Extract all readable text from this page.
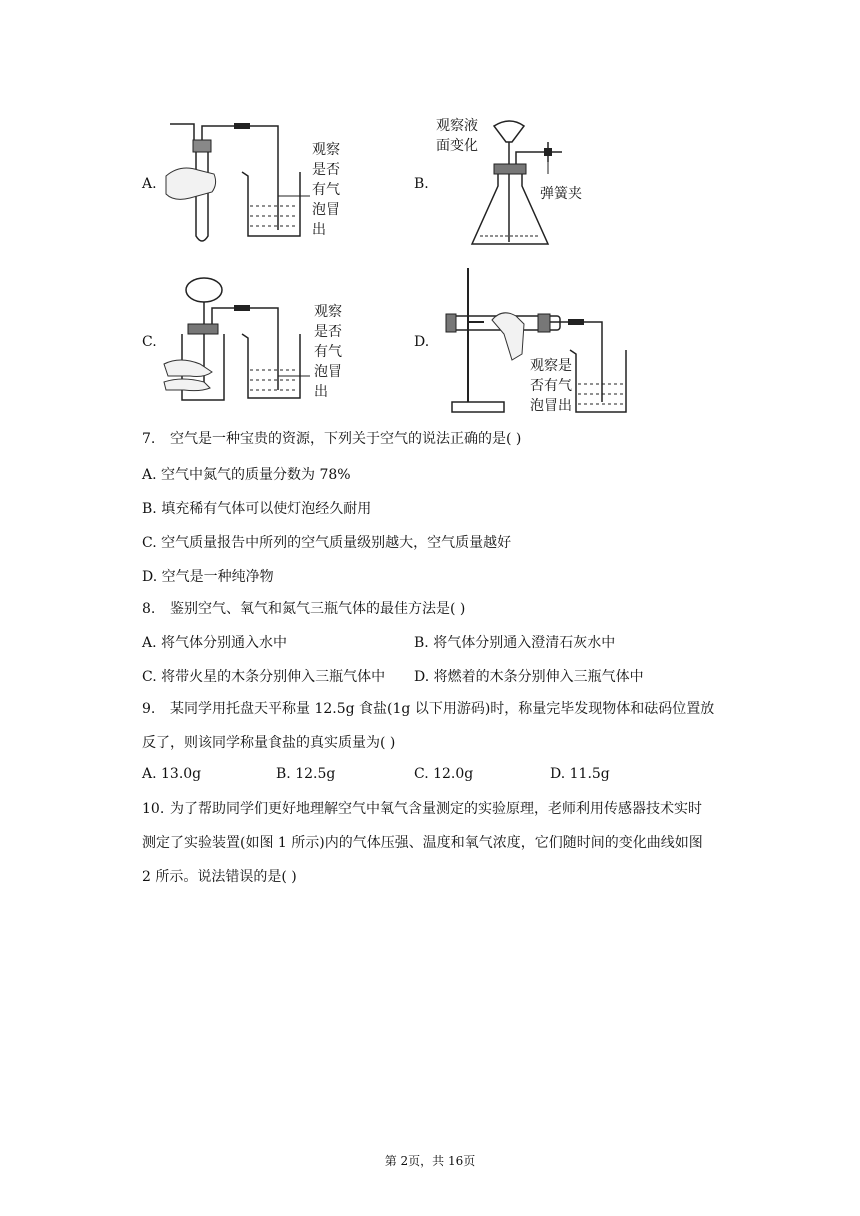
A.
观察
是否
有气
泡冒
出
B.
观察液
面变化
弹簧夹
C.
观察
是否
有气
泡冒
出
D.
观察是
否有气
泡冒出
7. 空气是一种宝贵的资源，下列关于空气的说法正确的是( )
A. 空气中氮气的质量分数为 78%
B. 填充稀有气体可以使灯泡经久耐用
C. 空气质量报告中所列的空气质量级别越大，空气质量越好
D. 空气是一种纯净物
8. 鉴别空气、氧气和氮气三瓶气体的最佳方法是( )
A. 将气体分别通入水中	B. 将气体分别通入澄清石灰水中
C. 将带火星的木条分别伸入三瓶气体中 D. 将燃着的木条分别伸入三瓶气体中
9. 某同学用托盘天平称量 12.5g 食盐(1g 以下用游码)时，称量完毕发现物体和砝码位置放
反了，则该同学称量食盐的真实质量为( )
A. 13.0g	B. 12.5g	C. 12.0g	D. 11.5g
10. 为了帮助同学们更好地理解空气中氧气含量测定的实验原理，老师利用传感器技术实时
测定了实验装置(如图 1 所示)内的气体压强、温度和氧气浓度，它们随时间的变化曲线如图
2 所示。说法错误的是( )
第 2页，共 16页
